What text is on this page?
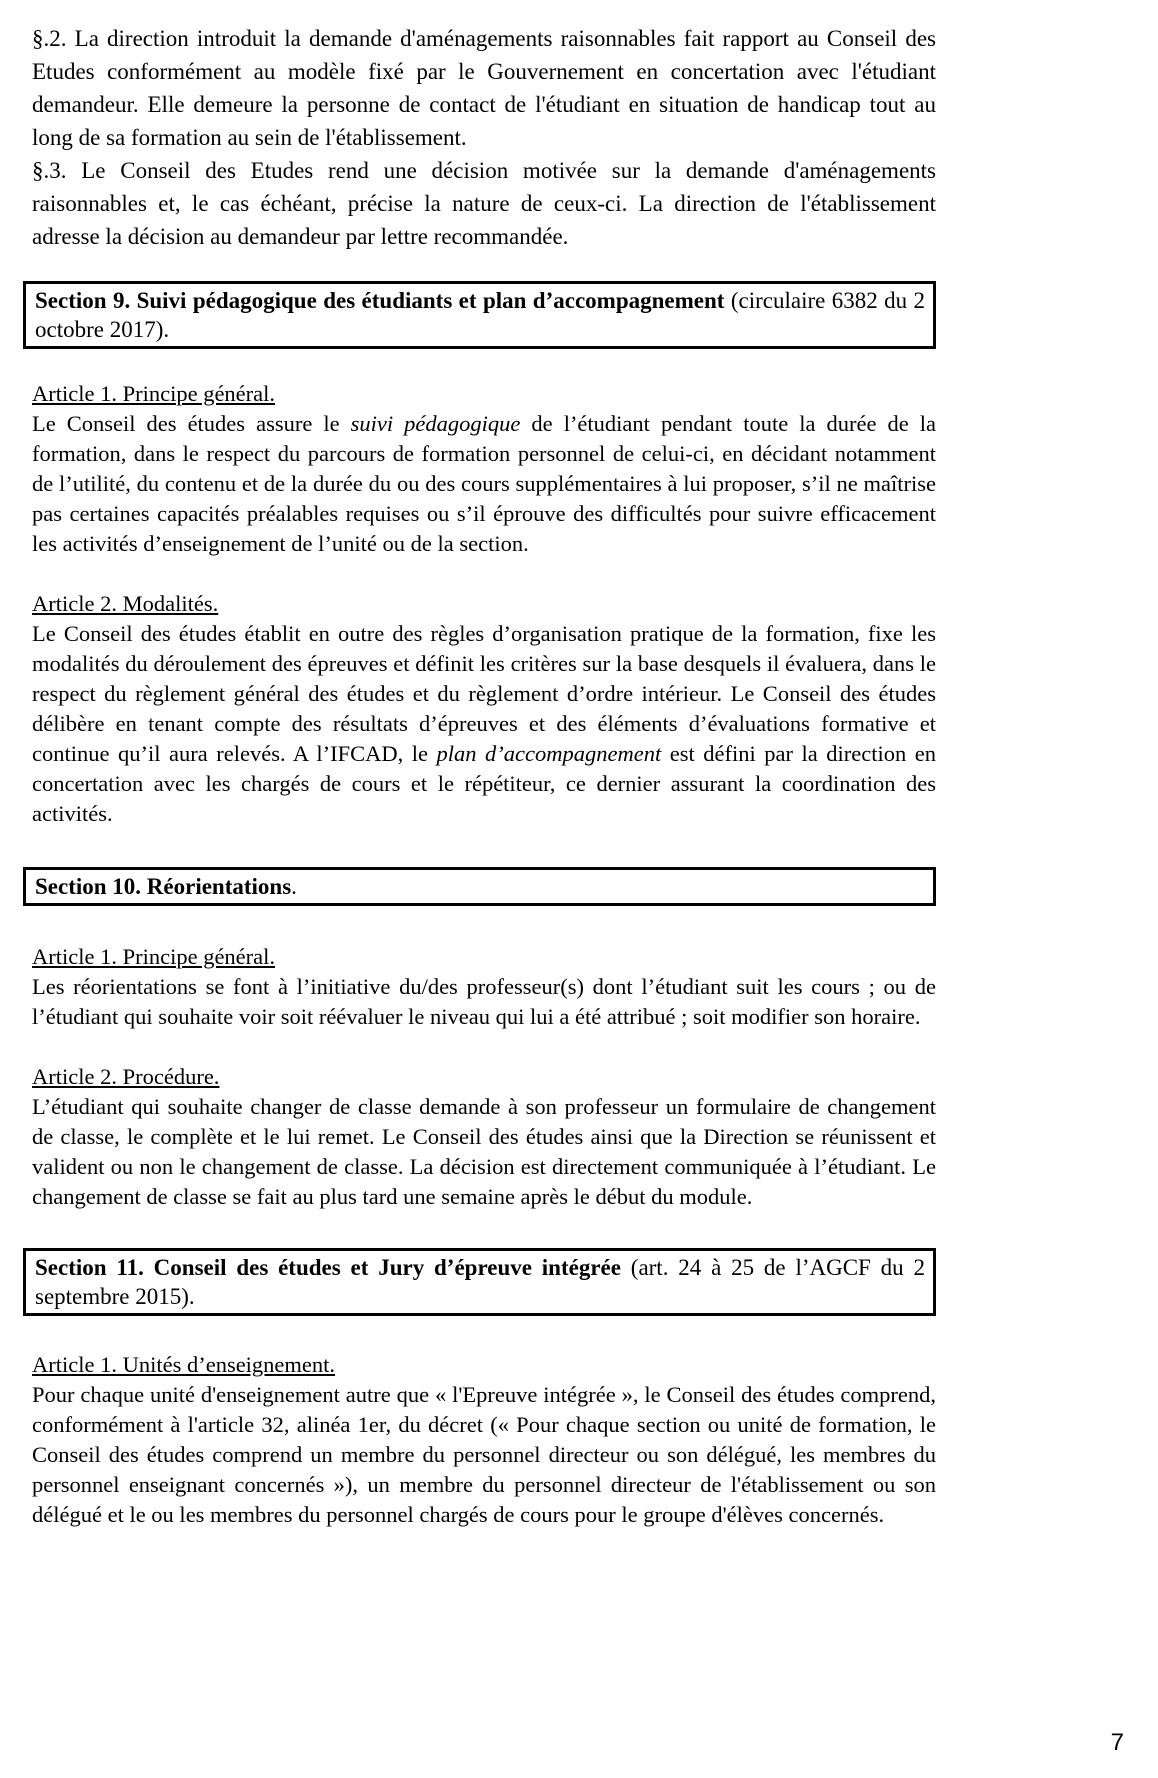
§.2. La direction introduit la demande d'aménagements raisonnables fait rapport au Conseil des Etudes conformément au modèle fixé par le Gouvernement en concertation avec l'étudiant demandeur. Elle demeure la personne de contact de l'étudiant en situation de handicap tout au long de sa formation au sein de l'établissement.

§.3. Le Conseil des Etudes rend une décision motivée sur la demande d'aménagements raisonnables et, le cas échéant, précise la nature de ceux-ci. La direction de l'établissement adresse la décision au demandeur par lettre recommandée.

Section 9. Suivi pédagogique des étudiants et plan d’accompagnement (circulaire 6382 du 2 octobre 2017).

Article 1. Principe général.

Le Conseil des études assure le suivi pédagogique de l’étudiant pendant toute la durée de la formation, dans le respect du parcours de formation personnel de celui-ci, en décidant notamment de l’utilité, du contenu et de la durée du ou des cours supplémentaires à lui proposer, s’il ne maîtrise pas certaines capacités préalables requises ou s’il éprouve des difficultés pour suivre efficacement les activités d’enseignement de l’unité ou de la section.

Article 2. Modalités.

Le Conseil des études établit en outre des règles d’organisation pratique de la formation, fixe les modalités du déroulement des épreuves et définit les critères sur la base desquels il évaluera, dans le respect du règlement général des études et du règlement d’ordre intérieur. Le Conseil des études délibère en tenant compte des résultats d’épreuves et des éléments d’évaluations formative et continue qu’il aura relevés. A l’IFCAD, le plan d’accompagnement est défini par la direction en concertation avec les chargés de cours et le répétiteur, ce dernier assurant la coordination des activités.

Section 10. Réorientations.

Article 1. Principe général.

Les réorientations se font à l’initiative du/des professeur(s) dont l’étudiant suit les cours ; ou de l’étudiant qui souhaite voir soit réévaluer le niveau qui lui a été attribué ; soit modifier son horaire.

Article 2. Procédure.

L’étudiant qui souhaite changer de classe demande à son professeur un formulaire de changement de classe, le complète et le lui remet. Le Conseil des études ainsi que la Direction se réunissent et valident ou non le changement de classe. La décision est directement communiquée à l’étudiant. Le changement de classe se fait au plus tard une semaine après le début du module.

Section 11. Conseil des études et Jury d’épreuve intégrée (art. 24 à 25 de l’AGCF du 2 septembre 2015).

Article 1. Unités d’enseignement.

Pour chaque unité d'enseignement autre que « l'Epreuve intégrée », le Conseil des études comprend, conformément à l'article 32, alinéa 1er, du décret (« Pour chaque section ou unité de formation, le Conseil des études comprend un membre du personnel directeur ou son délégué, les membres du personnel enseignant concernés »), un membre du personnel directeur de l'établissement ou son délégué et le ou les membres du personnel chargés de cours pour le groupe d'élèves concernés.

7
